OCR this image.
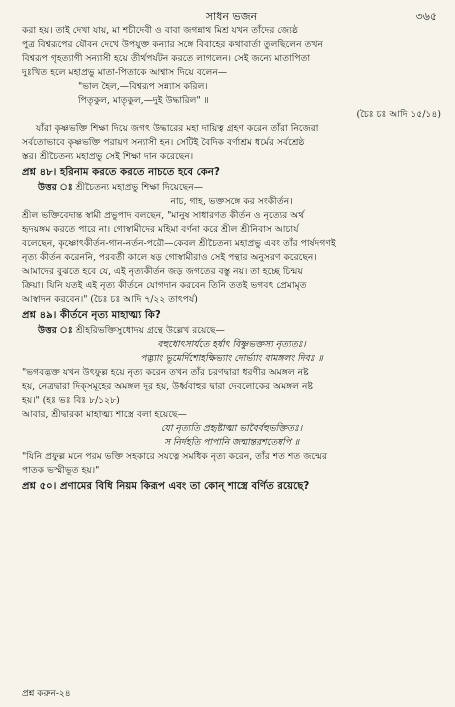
সাধন ভজন	৩৬৫

করা হয়। তাই দেখা যায়, মা শচীদেবী ও বাবা জগন্নাথ মিশ্র যখন তাঁদের জ্যেষ্ঠ

পুত্র বিশ্বরূপের যৌবন দেখে উপযুক্ত কন্যার সঙ্গে বিবাহের কথাবার্তা তুলছিলেন তখন

বিশ্বরূপ গৃহত্যাগী সন্যাসী হয়ে তীর্থপর্যটন করতে লাগলেন। সেই জন্যে মাতাপিতা

দুঃখিত হলে মহাপ্রভু মাতা-পিতাকে আশ্বাস দিয়ে বলেন—

"ভাল হৈল,—বিশ্বরূপ সন্ন্যাস করিল।

পিতৃকুল, মাতৃকুল,—দুই উদ্ধারিল" ॥

(চৈঃ চঃ আদি ১৫/১৪)

যাঁরা কৃষ্ণভক্তি শিক্ষা দিয়ে জগৎ উদ্ধারের মহা দায়িত্ব গ্রহণ করেন তাঁরা নিজেরা

সর্বতোভাবে কৃষ্ণভক্তি পরায়ণ সন্যাসী হন। সেটিই বৈদিক বর্ণাশ্রম ধর্মের সর্বশ্রেষ্ঠ

স্তর। শ্রীচৈতন্য মহাপ্রভু সেই শিক্ষা দান করেছেন।

প্রশ্ন ৪৮। হরিনাম করতে করতে নাচতে হবে কেন?

উত্তর ঃ শ্রীচৈতন্য মহাপ্রভু শিক্ষা দিয়েছেন—

নাচ, গাহ, ভক্তসঙ্গে কর সংকীর্তন।

শ্রীল ভক্তিবেদান্ত স্বামী প্রভুপাদ বলছেন, "মানুষ সাধারণত কীর্তন ও নৃত্যের অর্থ

হৃদয়ঙ্গম করতে পারে না। গোস্বামীদের মহিমা বর্ণনা করে শ্রীল শ্রীনিবাস আচার্য

বলেছেন, কৃষ্ণোৎকীর্তন-গান-নর্তন-পরৌ—কেবল শ্রীচৈতন্য মহাপ্রভু এবং তাঁর পার্ষদগণই

নৃত্য কীর্তন করেননি, পরবর্তী কালে ষড় গোস্বামীরাও সেই পন্থার অনুসরণ করেছেন।

আমাদের বুঝতে হবে যে, এই নৃত্যকীর্তন জড় জগতের বস্তু নয়। তা হচ্ছে চিন্ময়

ক্রিয়া। যিনি যতই এই নৃত্য কীর্তনে যোগদান করবেন তিনি ততই ভগবৎ প্রেমামৃত

আস্বাদন করবেন।" (চৈঃ চঃ আদি ৭/২২ তাৎপর্য)

প্রশ্ন ৪৯। কীর্তনে নৃত্য মাহাত্ম্য কি?

উত্তর ঃ শ্রীহরিভক্তিসুধোদয় গ্রন্থে উল্লেখ রয়েছে—

বহুধোৎসার্যতে হর্ষাৎ বিষ্ণুভক্তস্য নৃত্যতঃ।

পদ্ভ্যাং ভূমের্দিশোহক্ষিভ্যাং দোর্ভ্যাং বামঙ্গলং দিবঃ ॥

"ভগবদ্ভক্ত যখন উৎফুল্ল হয়ে নৃত্য করেন তখন তাঁর চরণদ্বারা ধরণীর অমঙ্গল নষ্ট

হয়, নেত্রদ্বারা দিক্‌সমূহের অমঙ্গল দূর হয়, উর্ধ্ববাহুর দ্বারা দেবলোকের অমঙ্গল নষ্ট

হয়।" (হঃ ভঃ বিঃ ৮/১২৮)

আবার, শ্রীদ্বারকা মাহাত্ম্য শাস্ত্রে বলা হয়েছে—

যো নৃত্যতি প্রহৃষ্টাত্মা ভাবৈর্বহুভক্তিতঃ।

স নির্দহতি পাপানি জন্মান্তরশতেষ্বপি ॥

"যিনি প্রফুল্ল মনে পরম ভক্তি সহকারে সযত্নে সমধিক নৃত্য করেন, তাঁর শত শত জন্মের

পাতক ভস্মীভূত হয়।"

প্রশ্ন ৫০। প্রণামের বিধি নিয়ম কিরূপ এবং তা কোন্‌ শাস্ত্রে বর্ণিত রয়েছে?
প্রশ্ন করুন-২৪
